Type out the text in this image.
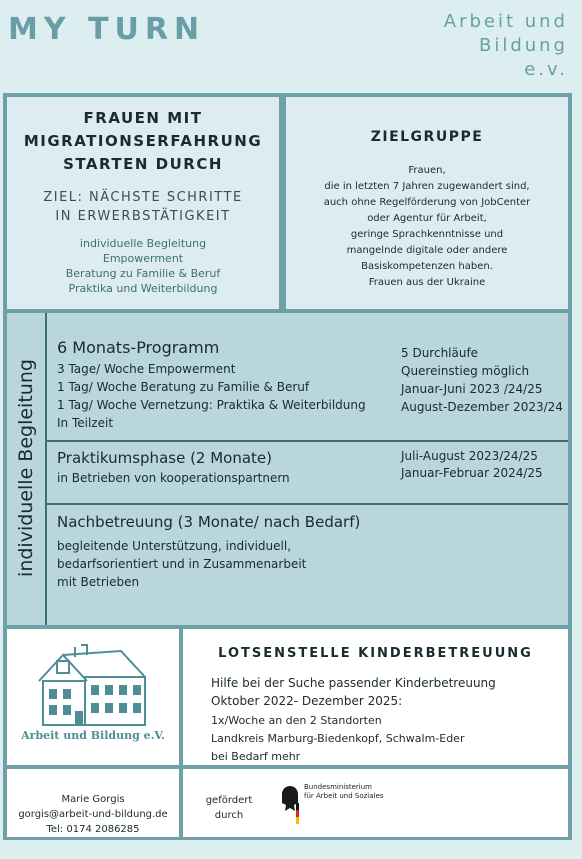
MY TURN	Arbeit und
Bildung
e.v.
FRAUEN MIT
MIGRATIONSERFAHRUNG
STARTEN DURCH
ZIEL: NÄCHSTE SCHRITTE
IN ERWERBSTÄTIGKEIT
individuelle Begleitung
Empowerment
Beratung zu Familie & Beruf
Praktika und Weiterbildung
ZIELGRUPPE
Frauen,
die in letzten 7 Jahren zugewandert sind,
auch ohne Regelförderung von JobCenter
oder Agentur für Arbeit,
geringe Sprachkenntnisse und
mangelnde digitale oder andere
Basiskompetenzen haben.
Frauen aus der Ukraine
individuelle Begleitung
6 Monats-Programm
3 Tage/ Woche Empowerment
1 Tag/ Woche Beratung zu Familie & Beruf
1 Tag/ Woche Vernetzung: Praktika & Weiterbildung
In Teilzeit
5 Durchläufe
Quereinstieg möglich
Januar-Juni 2023 /24/25
August-Dezember 2023/24
Praktikumsphase (2 Monate)
in Betrieben von kooperationspartnern
Juli-August 2023/24/25
Januar-Februar 2024/25
Nachbetreuung (3 Monate/ nach Bedarf)
begleitende Unterstützung, individuell,
bedarfsorientiert und in Zusammenarbeit
mit Betrieben
Arbeit und Bildung e.V.
LOTSENSTELLE KINDERBETREUUNG
Hilfe bei der Suche passender Kinderbetreuung
Oktober 2022- Dezember 2025:
1x/Woche an den 2 Standorten
Landkreis Marburg-Biedenkopf, Schwalm-Eder
bei Bedarf mehr
Marie Gorgis
gorgis@arbeit-und-bildung.de
Tel: 0174 2086285
gefördert
durch
Bundesministerium
für Arbeit und Soziales
